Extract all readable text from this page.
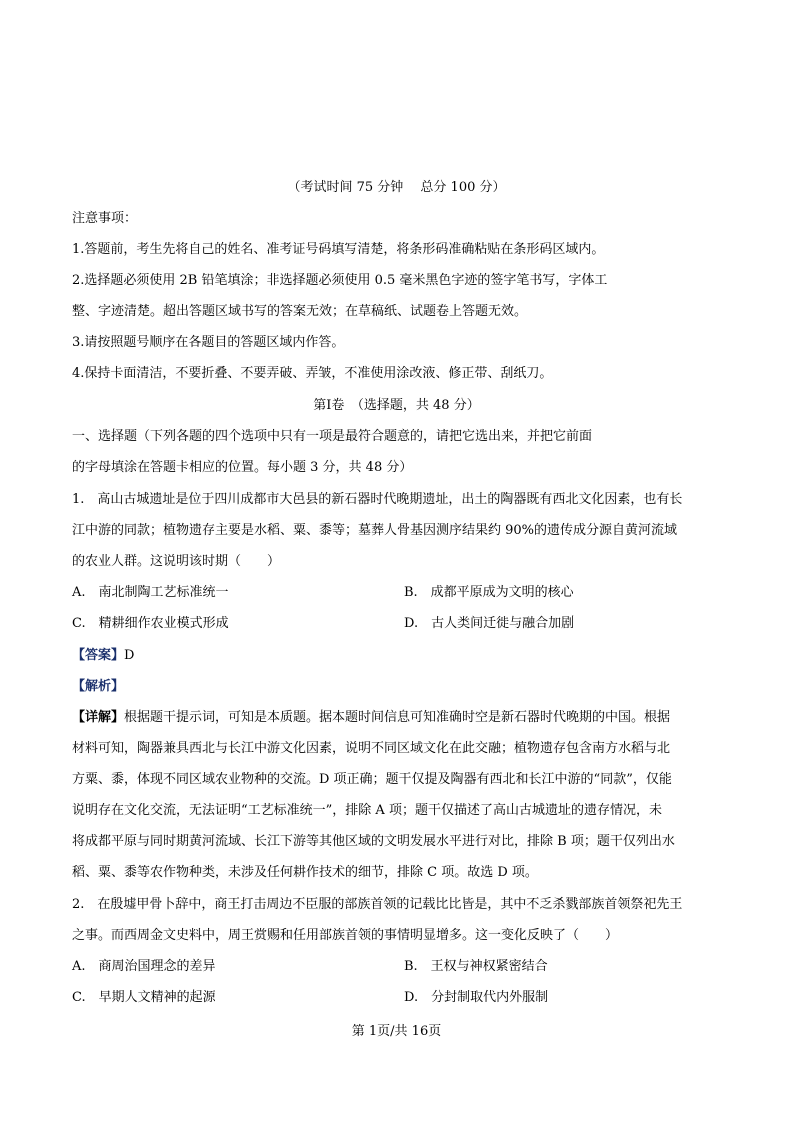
（考试时间 75 分钟　 总分 100 分）
注意事项：
1.答题前，考生先将自己的姓名、准考证号码填写清楚，将条形码准确粘贴在条形码区域内。
2.选择题必须使用 2B 铅笔填涂；非选择题必须使用 0.5 毫米黑色字迹的签字笔书写，字体工
整、字迹清楚。超出答题区域书写的答案无效；在草稿纸、试题卷上答题无效。
3.请按照题号顺序在各题目的答题区域内作答。
4.保持卡面清洁，不要折叠、不要弄破、弄皱，不准使用涂改液、修正带、刮纸刀。
第Ⅰ卷　（选择题，共 48 分）
一、选择题（下列各题的四个选项中只有一项是最符合题意的，请把它选出来，并把它前面
的字母填涂在答题卡相应的位置。每小题 3 分，共 48 分）
1.　高山古城遗址是位于四川成都市大邑县的新石器时代晚期遗址，出土的陶器既有西北文化因素，也有长
江中游的同款；植物遗存主要是水稻、粟、黍等；墓葬人骨基因测序结果约 90%的遗传成分源自黄河流域
的农业人群。这说明该时期（　　）
A.　南北制陶工艺标准统一	B.　成都平原成为文明的核心
C.　精耕细作农业模式形成	D.　古人类间迁徙与融合加剧
【答案】D
【解析】
【详解】根据题干提示词，可知是本质题。据本题时间信息可知准确时空是新石器时代晚期的中国。根据
材料可知，陶器兼具西北与长江中游文化因素，说明不同区域文化在此交融；植物遗存包含南方水稻与北
方粟、黍，体现不同区域农业物种的交流。D 项正确；题干仅提及陶器有西北和长江中游的“同款”，仅能
说明存在文化交流，无法证明“工艺标准统一”，排除 A 项；题干仅描述了高山古城遗址的遗存情况，未
将成都平原与同时期黄河流域、长江下游等其他区域的文明发展水平进行对比，排除 B 项；题干仅列出水
稻、粟、黍等农作物种类，未涉及任何耕作技术的细节，排除 C 项。故选 D 项。
2.　在殷墟甲骨卜辞中，商王打击周边不臣服的部族首领的记载比比皆是，其中不乏杀戮部族首领祭祀先王
之事。而西周金文史料中，周王赏赐和任用部族首领的事情明显增多。这一变化反映了（　　）
A.　商周治国理念的差异	B.　王权与神权紧密结合
C.　早期人文精神的起源	D.　分封制取代内外服制
第 1页/共 16页
